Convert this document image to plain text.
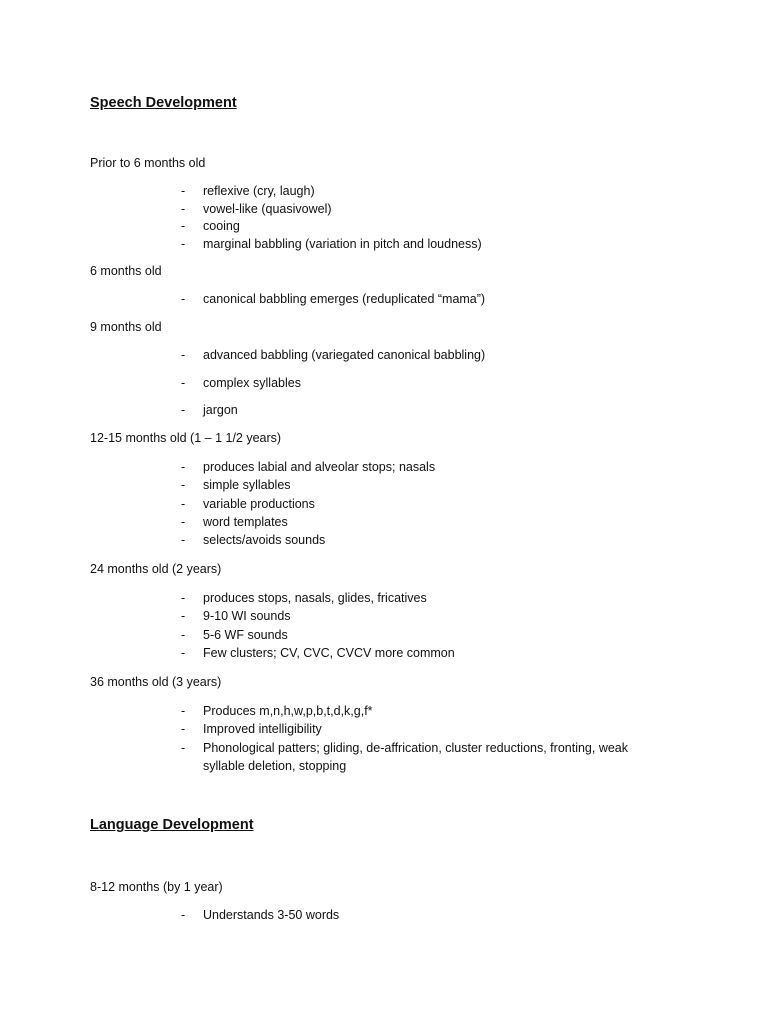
Speech Development
Prior to 6 months old
- reflexive (cry, laugh)
- vowel-like (quasivowel)
- cooing
- marginal babbling (variation in pitch and loudness)
6 months old
- canonical babbling emerges (reduplicated “mama”)
9 months old
- advanced babbling (variegated canonical babbling)
- complex syllables
- jargon
12-15 months old (1 – 1 1/2 years)
- produces labial and alveolar stops; nasals
- simple syllables
- variable productions
- word templates
- selects/avoids sounds
24 months old (2 years)
- produces stops, nasals, glides, fricatives
- 9-10 WI sounds
- 5-6 WF sounds
- Few clusters; CV, CVC, CVCV more common
36 months old (3 years)
- Produces m,n,h,w,p,b,t,d,k,g,f*
- Improved intelligibility
- Phonological patters; gliding, de-affrication, cluster reductions, fronting, weak
syllable deletion, stopping
Language Development
8-12 months (by 1 year)
- Understands 3-50 words
